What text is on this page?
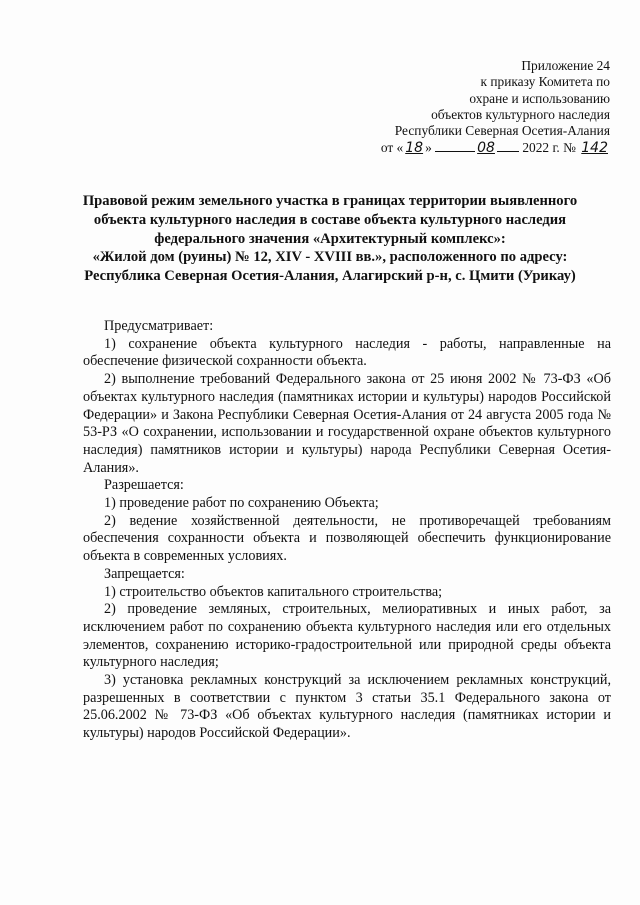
Приложение 24
к приказу Комитета по
охране и использованию
объектов культурного наследия
Республики Северная Осетия-Алания
от « 18 »	08 2022 г. № 142
Правовой режим земельного участка в границах территории выявленного
объекта культурного наследия в составе объекта культурного наследия
федерального значения «Архитектурный комплекс»:
«Жилой дом (руины) № 12, XIV - XVIII вв.», расположенного по адресу:
Республика Северная Осетия-Алания, Алагирский р-н, с. Цмити (Урикау)

Предусматривает:

1) сохранение объекта культурного наследия - работы, направленные на обеспечение физической сохранности объекта.

2) выполнение требований Федерального закона от 25 июня 2002 № 73-ФЗ «Об объектах культурного наследия (памятниках истории и культуры) народов Российской Федерации» и Закона Республики Северная Осетия-Алания от 24 августа 2005 года № 53-РЗ «О сохранении, использовании и государственной охране объектов культурного наследия) памятников истории и культуры) народа Республики Северная Осетия-Алания».

Разрешается:

1) проведение работ по сохранению Объекта;

2) ведение хозяйственной деятельности, не противоречащей требованиям обеспечения сохранности объекта и позволяющей обеспечить функционирование объекта в современных условиях.

Запрещается:

1) строительство объектов капитального строительства;

2) проведение земляных, строительных, мелиоративных и иных работ, за исключением работ по сохранению объекта культурного наследия или его отдельных элементов, сохранению историко-градостроительной или природной среды объекта культурного наследия;

3) установка рекламных конструкций за исключением рекламных конструкций, разрешенных в соответствии с пунктом 3 статьи 35.1 Федерального закона от 25.06.2002 № 73-ФЗ «Об объектах культурного наследия (памятниках истории и культуры) народов Российской Федерации».
